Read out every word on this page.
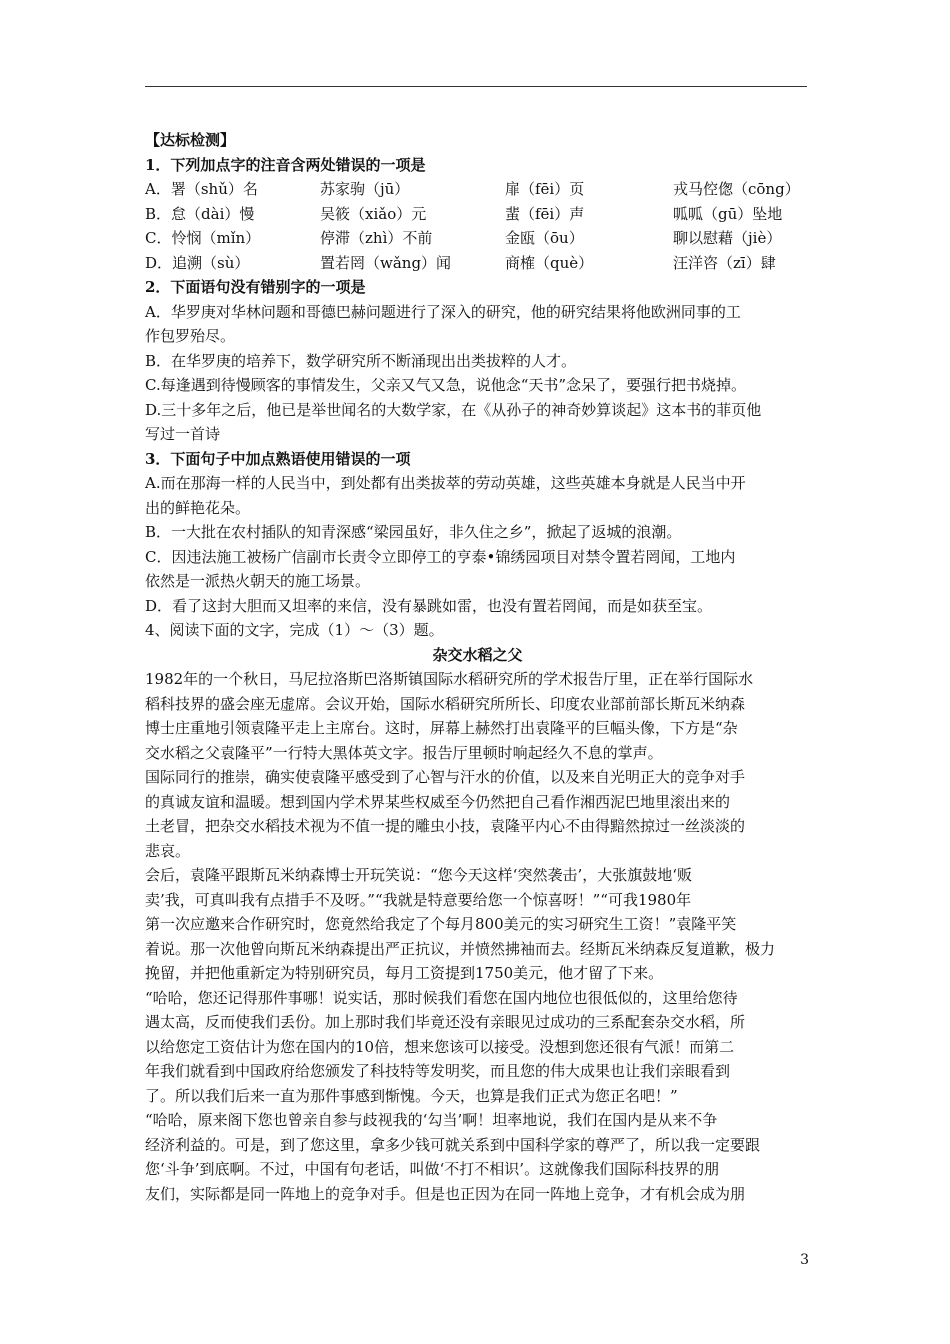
【达标检测】

1．下列加点字的注音含两处错误的一项是

A．署（shǔ）名	苏家驹（jū）	扉（fēi）页	戎马倥偬（cōng）
B．怠（dài）慢	吴筱（xiǎo）元	蜚（fēi）声	呱呱（gū）坠地
C．怜悯（mǐn）	停滞（zhì）不前	金瓯（ōu）	聊以慰藉（jiè）
D．追溯（sù）	置若罔（wǎng）闻	商榷（què）	汪洋咨（zī）肆

2．下面语句没有错别字的一项是

A．华罗庚对华林问题和哥德巴赫问题进行了深入的研究，他的研究结果将他欧洲同事的工

作包罗殆尽。

B．在华罗庚的培养下，数学研究所不断涌现出出类拔粹的人才。

C.每逢遇到待慢顾客的事情发生，父亲又气又急，说他念“天书”念呆了，要强行把书烧掉。

D.三十多年之后，他已是举世闻名的大数学家，在《从孙子的神奇妙算谈起》这本书的菲页他

写过一首诗

3．下面句子中加点熟语使用错误的一项

A.而在那海一样的人民当中，到处都有出类拔萃的劳动英雄，这些英雄本身就是人民当中开

出的鲜艳花朵。

B．一大批在农村插队的知青深感“梁园虽好，非久住之乡”，掀起了返城的浪潮。

C．因违法施工被杨广信副市长责令立即停工的亨泰•锦绣园项目对禁令置若罔闻，工地内

依然是一派热火朝天的施工场景。

D．看了这封大胆而又坦率的来信，没有暴跳如雷，也没有置若罔闻，而是如获至宝。

4、阅读下面的文字，完成（1）～（3）题。

杂交水稻之父

1982年的一个秋日，马尼拉洛斯巴洛斯镇国际水稻研究所的学术报告厅里，正在举行国际水

稻科技界的盛会座无虚席。会议开始，国际水稻研究所所长、印度农业部前部长斯瓦米纳森

博士庄重地引领袁隆平走上主席台。这时，屏幕上赫然打出袁隆平的巨幅头像，下方是“杂

交水稻之父袁隆平”一行特大黑体英文字。报告厅里顿时响起经久不息的掌声。

国际同行的推崇，确实使袁隆平感受到了心智与汗水的价值，以及来自光明正大的竞争对手

的真诚友谊和温暖。想到国内学术界某些权威至今仍然把自己看作湘西泥巴地里滚出来的

土老冒，把杂交水稻技术视为不值一提的雕虫小技，袁隆平内心不由得黯然掠过一丝淡淡的

悲哀。

会后，袁隆平跟斯瓦米纳森博士开玩笑说：“您今天这样‘突然袭击’，大张旗鼓地‘贩

卖’我，可真叫我有点措手不及呀。”“我就是特意要给您一个惊喜呀！”“可我1980年

第一次应邀来合作研究时，您竟然给我定了个每月800美元的实习研究生工资！”袁隆平笑

着说。那一次他曾向斯瓦米纳森提出严正抗议，并愤然拂袖而去。经斯瓦米纳森反复道歉，极力

挽留，并把他重新定为特别研究员，每月工资提到1750美元，他才留了下来。

“哈哈，您还记得那件事哪！说实话，那时候我们看您在国内地位也很低似的，这里给您待

遇太高，反而使我们丢份。加上那时我们毕竟还没有亲眼见过成功的三系配套杂交水稻，所

以给您定工资估计为您在国内的10倍，想来您该可以接受。没想到您还很有气派！而第二

年我们就看到中国政府给您颁发了科技特等发明奖，而且您的伟大成果也让我们亲眼看到

了。所以我们后来一直为那件事感到惭愧。今天，也算是我们正式为您正名吧！”

“哈哈，原来阁下您也曾亲自参与歧视我的‘勾当’啊！坦率地说，我们在国内是从来不争

经济利益的。可是，到了您这里，拿多少钱可就关系到中国科学家的尊严了，所以我一定要跟

您‘斗争’到底啊。不过，中国有句老话，叫做‘不打不相识’。这就像我们国际科技界的朋

友们，实际都是同一阵地上的竞争对手。但是也正因为在同一阵地上竞争，才有机会成为朋

3
